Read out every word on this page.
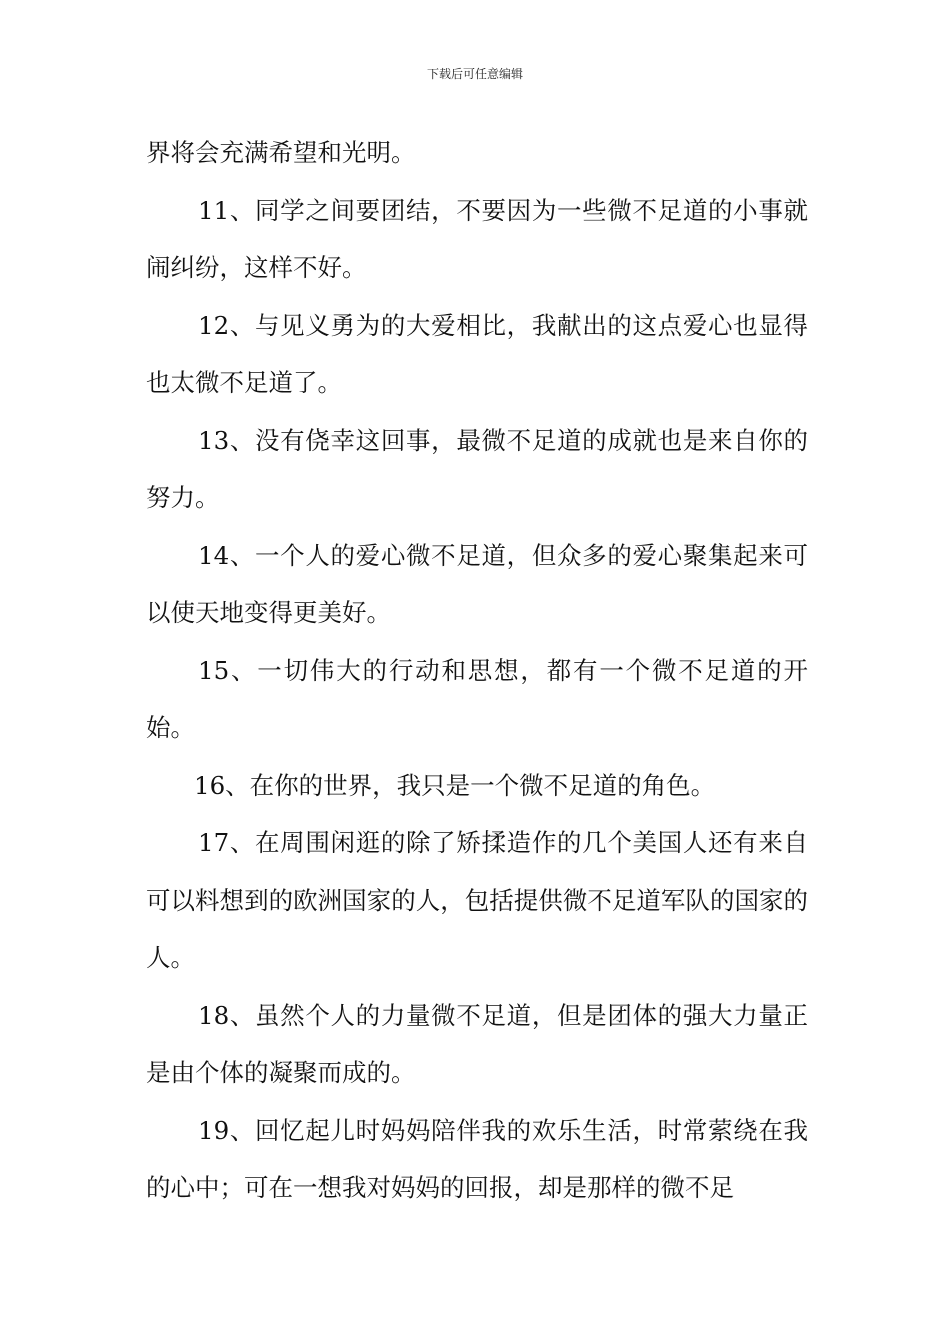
下载后可任意编辑

界将会充满希望和光明。

11、同学之间要团结，不要因为一些微不足道的小事就闹纠纷，这样不好。

12、与见义勇为的大爱相比，我献出的这点爱心也显得也太微不足道了。

13、没有侥幸这回事，最微不足道的成就也是来自你的努力。

14、一个人的爱心微不足道，但众多的爱心聚集起来可以使天地变得更美好。

15、一切伟大的行动和思想，都有一个微不足道的开始。

16、在你的世界，我只是一个微不足道的角色。

17、在周围闲逛的除了矫揉造作的几个美国人还有来自可以料想到的欧洲国家的人，包括提供微不足道军队的国家的人。

18、虽然个人的力量微不足道，但是团体的强大力量正是由个体的凝聚而成的。

19、回忆起儿时妈妈陪伴我的欢乐生活，时常萦绕在我的心中；可在一想我对妈妈的回报，却是那样的微不足
